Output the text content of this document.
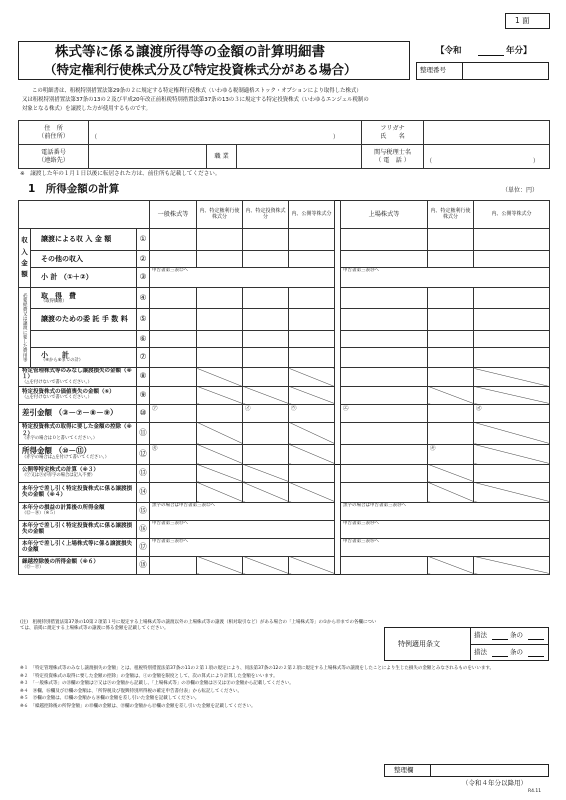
1 面
株式等に係る譲渡所得等の金額の計算明細書
（特定権利行使株式分及び特定投資株式分がある場合）
【令和	年分】
整理番号
この明細書は、租税特別措置法第29条の２に規定する特定権利行使株式（いわゆる税制適格ストック・オプションにより取得した株式）
又は租税特別措置法第37条の13の２及び平成20年改正前租税特別措置法第37条の13の３に規定する特定投資株式（いわゆるエンジェル税制の
対象となる株式）を譲渡した方が使用するものです。
住　所
（前住所）	（ ）			フリガナ
氏　　名	
電話番号
（連絡先）		職 業		関与税理士名
（ 電　話 ）	（ ）
※　譲渡した年の１月１日以後に転居された方は、前住所も記載してください。
1　所得金額の計算	（単位：円）
			一般株式等	内、特定権利行使株式分	内、特定投資株式分	内、公開等株式分		上場株式等	内、特定権利行使株式分	内、公開等株式分

収
入
金
額	譲渡による収 入 金 額	①								

	その他の収入	②								

	小 計 （①＋②）	③	申告書第三表㉒へ					申告書第三表㉔へ		
必要経費又は譲渡に要した費用等	取　得　費
（取得価額）	④								

	譲渡のための委 託 手 数 料	⑤								

		⑥								

	小　　計
（④から⑥までの計）	⑦								

特定管理株式等のみなし譲渡損失の金額（※１）
（△を付けないで書いてください。）		⑧								

特定投資株式の価値喪失の金額（⑥）
（△を付けないで書いてください。）		⑨								

差引金額 （③－⑦－⑧－⑨）		⑩	㋐		㋑	㋒		㋓		㋔

特定投資株式の取得に要した金額の控除（※２）
（赤字の場合は０と書いてください。）		⑪								

所得金額 （⑩－⑪）
（赤字の場合は△を付けて書いてください。）		⑫	㋕						㋖	

公開等特定株式の計算（※３）
（㋐又は㋓が赤字の場合は記入不要）		⑬								

本年分で差し引く特定投資株式に係る譲渡損失の金額（※４）		⑭								

本年分の損益の計算後の所得金額
（⑫－⑭）（※５）		⑮	黒字の場合は申告書第三表㉒へ					黒字の場合は申告書第三表㉔へ		

本年分で差し引く特定投資株式に係る譲渡損失の金額		⑯	申告書第三表㉝へ					申告書第三表㉞へ		

本年分で差し引く上場株式等に係る譲渡損失の金額		⑰	申告書第三表㉟へ					申告書第三表㊱へ		

繰越控除後の所得金額（※６）
（⑮－⑰）		⑱								
特例適用条文
措法	条の
措法	条の
(注)　租税特別措置法第37条の10第２項第１号に規定する上場株式等の譲渡以外の上場株式等の譲渡（相対取引など）がある場合の「上場株式等」の①から⑱までの各欄については、前掲に規定する上場株式等の譲渡に係る金額を記載してください。
※１　「特定管理株式等のみなし譲渡損失の金額」とは、租税特別措置法第37条の11の２第１項の規定により、同法第37条の12の２第２項に規定する上場株式等の譲渡をしたことにより生じた損失の金額とみなされるものをいいます。
※２　「特定投資株式の取得に要した金額の控除」の金額は、㋑の金額を限度として、次の算式により計算した金額をいいます。
※３　「一般株式等」の⑬欄の金額は㋐又は㋓の金額から記載し、「上場株式等」の⑬欄の金額は㋓又は㋔の金額から記載してください。
※４　⑭欄、⑯欄及び⑰欄の金額は、「所得税及び復興特別所得税の確定申告書付表」から転記してください。
※５　⑮欄の金額は、⑫欄の金額から⑭欄の金額を差し引いた金額を記載してください。
※６　「繰越控除後の所得金額」の⑱欄の金額は、⑮欄の金額から⑰欄の金額を差し引いた金額を記載してください。
整理欄
（令和４年分以降用）
R4.11
